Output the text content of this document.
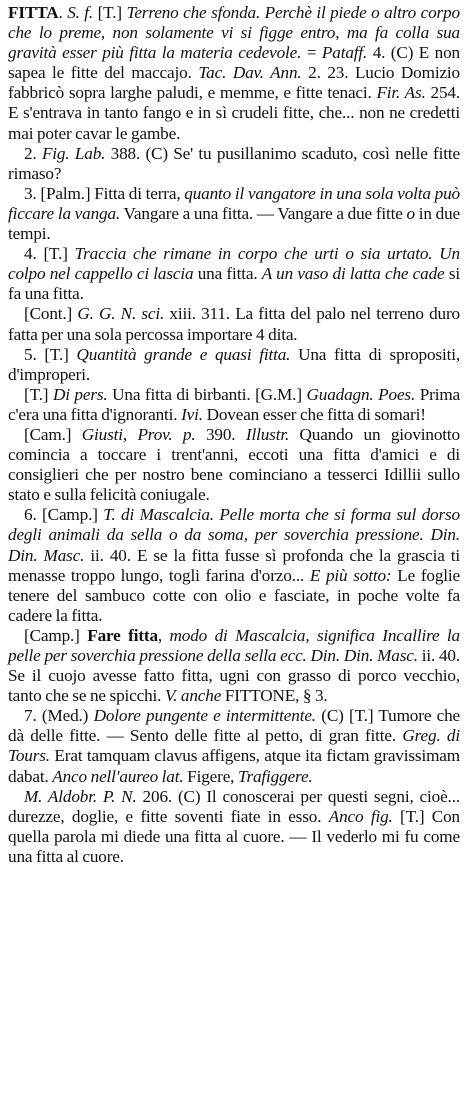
FITTA. S. f. [T.] Terreno che sfonda. Perchè il piede o altro corpo che lo preme, non solamente vi si figge entro, ma fa colla sua gravità esser più fitta la materia cedevole. = Pataff. 4. (C) E non sapea le fitte del maccajo. Tac. Dav. Ann. 2. 23. Lucio Domizio fabbricò sopra larghe paludi, e memme, e fitte tenaci. Fir. As. 254. E s'entrava in tanto fango e in sì crudeli fitte, che... non ne credetti mai poter cavar le gambe.

2. Fig. Lab. 388. (C) Se' tu pusillanimo scaduto, così nelle fitte rimaso?

3. [Palm.] Fitta di terra, quanto il vangatore in una sola volta può ficcare la vanga. Vangare a una fitta. — Vangare a due fitte o in due tempi.

4. [T.] Traccia che rimane in corpo che urti o sia urtato. Un colpo nel cappello ci lascia una fitta. A un vaso di latta che cade si fa una fitta.

[Cont.] G. G. N. sci. xiii. 311. La fitta del palo nel terreno duro fatta per una sola percossa importare 4 dita.

5. [T.] Quantità grande e quasi fitta. Una fitta di spropositi, d'improperi.

[T.] Di pers. Una fitta di birbanti. [G.M.] Guadagn. Poes. Prima c'era una fitta d'ignoranti. Ivi. Dovean esser che fitta di somari!

[Cam.] Giusti, Prov. p. 390. Illustr. Quando un giovinotto comincia a toccare i trent'anni, eccoti una fitta d'amici e di consiglieri che per nostro bene cominciano a tesserci Idillii sullo stato e sulla felicità coniugale.

6. [Camp.] T. di Mascalcia. Pelle morta che si forma sul dorso degli animali da sella o da soma, per soverchia pressione. Din. Din. Masc. ii. 40. E se la fitta fusse sì profonda che la grascia ti menasse troppo lungo, togli farina d'orzo... E più sotto: Le foglie tenere del sambuco cotte con olio e fasciate, in poche volte fa cadere la fitta.

[Camp.] Fare fitta, modo di Mascalcia, significa Incallire la pelle per soverchia pressione della sella ecc. Din. Din. Masc. ii. 40. Se il cuojo avesse fatto fitta, ugni con grasso di porco vecchio, tanto che se ne spicchi. V. anche FITTONE, § 3.

7. (Med.) Dolore pungente e intermittente. (C) [T.] Tumore che dà delle fitte. — Sento delle fitte al petto, di gran fitte. Greg. di Tours. Erat tamquam clavus affigens, atque ita fictam gravissimam dabat. Anco nell'aureo lat. Figere, Trafiggere.

M. Aldobr. P. N. 206. (C) Il conoscerai per questi segni, cioè... durezze, doglie, e fitte soventi fiate in esso. Anco fig. [T.] Con quella parola mi diede una fitta al cuore. — Il vederlo mi fu come una fitta al cuore.
